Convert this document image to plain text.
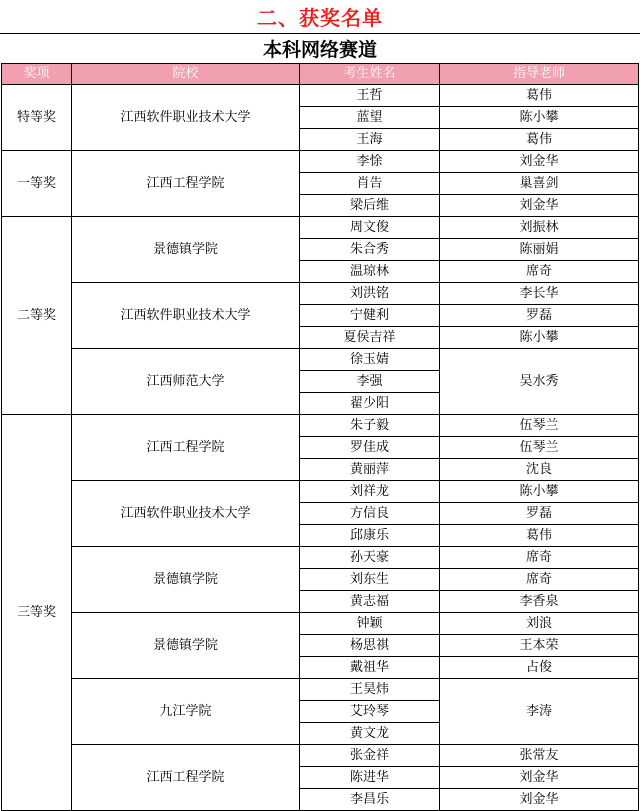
二、获奖名单
本科网络赛道
奖项	院校	考生姓名	指导老师
特等奖	江西软件职业技术大学	王哲	葛伟
		蓝望	陈小攀
		王海	葛伟
一等奖	江西工程学院	李悇	刘金华
		肖告	巢喜剑
		梁后维	刘金华
二等奖	景德镇学院	周文俊	刘振林
		朱合秀	陈丽娟
		温琼林	席奇
	江西软件职业技术大学	刘洪铭	李长华
		宁健利	罗磊
		夏侯吉祥	陈小攀
	江西师范大学	徐玉婧	吴水秀
		李强	
		翟少阳	
三等奖	江西工程学院	朱子毅	伍琴兰
		罗佳成	伍琴兰
		黄丽萍	沈良
	江西软件职业技术大学	刘祥龙	陈小攀
		方信良	罗磊
		邱康乐	葛伟
	景德镇学院	孙天豪	席奇
		刘东生	席奇
		黄志福	李香泉
	景德镇学院	钟颖	刘浪
		杨思祺	王本荣
		戴祖华	占俊
	九江学院	王昊炜	李涛
		艾玲琴	
		黄文龙	
	江西工程学院	张金祥	张常友
		陈进华	刘金华
		李昌乐	刘金华
